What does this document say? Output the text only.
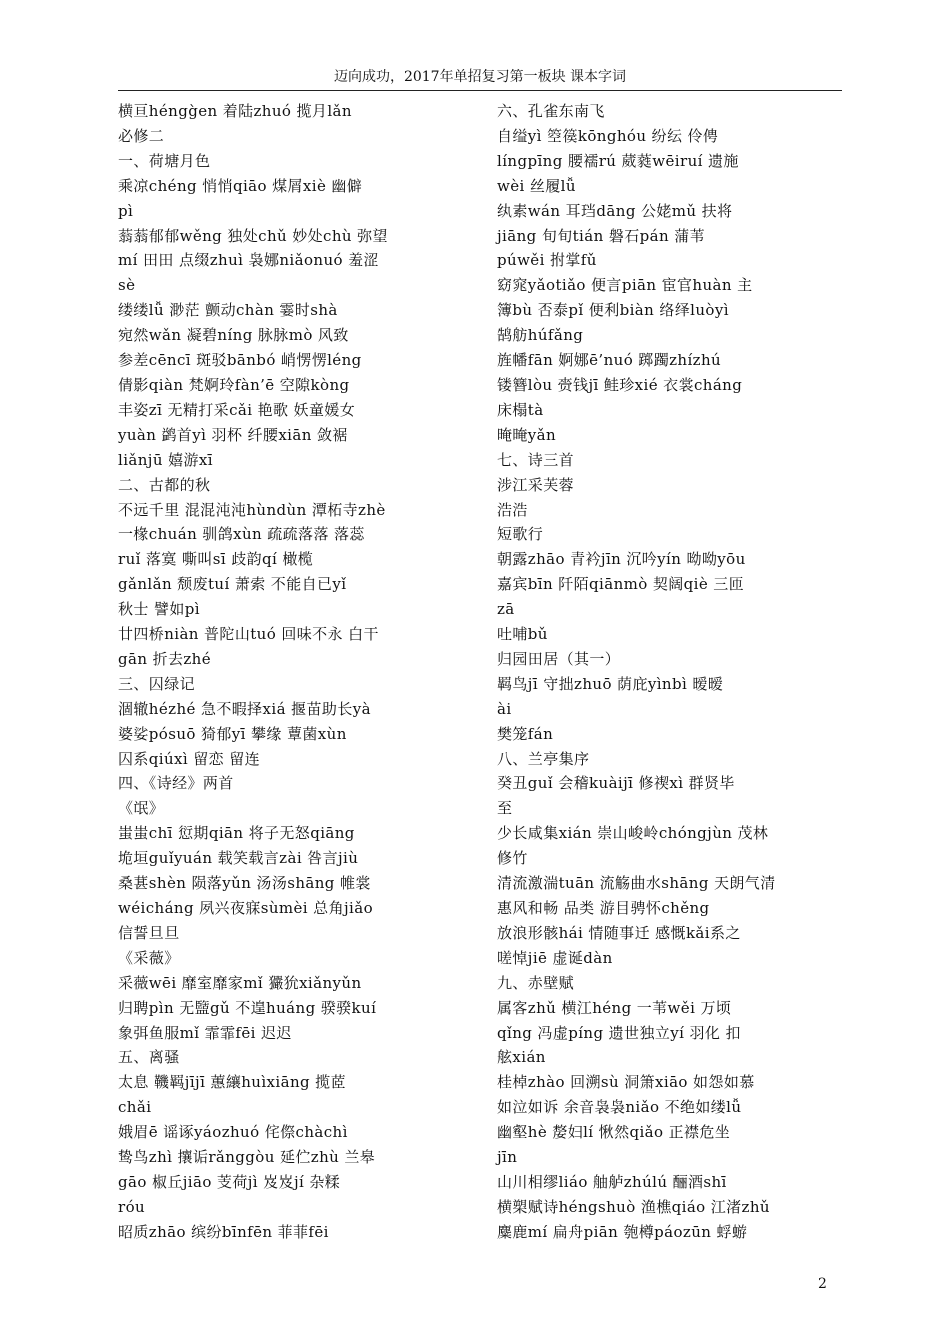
迈向成功，2017年单招复习第一板块 课本字词
横亘héngg̀en 着陆zhuó 揽月lǎn
必修二
一、荷塘月色
乘凉chéng 悄悄qiāo 煤屑xiè 幽僻
pì
蓊蓊郁郁wěng 独处chǔ 妙处chù 弥望
mí 田田 点缀zhuì 袅娜niǎonuó 羞涩
sè
缕缕lǚ 渺茫 颤动chàn 霎时shà
宛然wǎn 凝碧níng 脉脉mò 风致
参差cēncī 斑驳bānbó 峭愣愣léng
倩影qiàn 梵婀玲fàn’ē 空隙kòng
丰姿zī 无精打采cǎi 艳歌 妖童媛女
yuàn 鹢首yì 羽杯 纤腰xiān 敛裾
liǎnjū 嬉游xī
二、古都的秋
不远千里 混混沌沌hùndùn 潭柘寺zhè
一椽chuán 驯鸽xùn 疏疏落落 落蕊
ruǐ 落寞 嘶叫sī 歧韵qí 橄榄
gǎnlǎn 颓废tuí 萧索 不能自已yǐ
秋士 譬如pì
廿四桥niàn 普陀山tuó 回味不永 白干
gān 折去zhé
三、囚绿记
涸辙hézhé 急不暇择xiá 揠苗助长yà
婆娑pósuō 猗郁yī 攀缘 蕈菌xùn
囚系qiúxì 留恋 留连
四、《诗经》两首
《氓》
蚩蚩chī 愆期qiān 将子无怒qiāng
垝垣guǐyuán 载笑载言zài 咎言jiù
桑葚shèn 陨落yǔn 汤汤shāng 帷裳
wéicháng 夙兴夜寐sùmèi 总角jiǎo
信誓旦旦
《采薇》
采薇wēi 靡室靡家mǐ 玁狁xiǎnyǔn
归聘pìn 无盬gǔ 不遑huáng 骙骙kuí
象弭鱼服mǐ 霏霏fēi 迟迟
五、离骚
太息 鞿羁jījī 蕙纕huìxiāng 揽茝
chǎi
娥眉ē 谣诼yáozhuó 侘傺chàchì
鸷鸟zhì 攘诟rǎnggòu 延伫zhù 兰皋
gāo 椒丘jiāo 芰荷jì 岌岌jí 杂糅
róu
昭质zhāo 缤纷bīnfēn 菲菲fēi
六、孔雀东南飞
自缢yì 箜篌kōnghóu 纷纭 伶俜
língpīng 腰襦rú 葳蕤wēiruí 遗施
wèi 丝履lǚ
纨素wán 耳珰dāng 公姥mǔ 扶将
jiāng 旬旬tián 磐石pán 蒲苇
púwěi 拊掌fǔ
窈窕yǎotiǎo 便言piān 宦官huàn 主
簿bù 否泰pǐ 便利biàn 络绎luòyì
鹄舫húfǎng
旌幡fān 婀娜ē’nuó 踯躅zhízhú
镂簪lòu 赍钱jī 鲑珍xié 衣裳cháng
床榻tà
晻晻yǎn
七、诗三首
涉江采芙蓉
浩浩
短歌行
朝露zhāo 青衿jīn 沉吟yín 呦呦yōu
嘉宾bīn 阡陌qiānmò 契阔qiè 三匝
zā
吐哺bǔ
归园田居（其一）
羁鸟jī 守拙zhuō 荫庇yìnbì 暧暧
ài
樊笼fán
八、兰亭集序
癸丑guǐ 会稽kuàijī 修禊xì 群贤毕
至
少长咸集xián 崇山峻岭chóngjùn 茂林
修竹
清流激湍tuān 流觞曲水shāng 天朗气清
惠风和畅 品类 游目骋怀chěng
放浪形骸hái 情随事迁 感慨kǎi系之
嗟悼jiē 虚诞dàn
九、赤壁赋
属客zhǔ 横江héng 一苇wěi 万顷
qǐng 冯虚píng 遗世独立yí 羽化 扣
舷xián
桂棹zhào 回溯sù 洞箫xiāo 如怨如慕
如泣如诉 余音袅袅niǎo 不绝如缕lǚ
幽壑hè 嫠妇lí 愀然qiǎo 正襟危坐
jīn
山川相缪liáo 舳舻zhúlú 酾酒shī
横槊赋诗héngshuò 渔樵qiáo 江渚zhǔ
麋鹿mí 扁舟piān 匏樽páozūn 蜉蝣
2
